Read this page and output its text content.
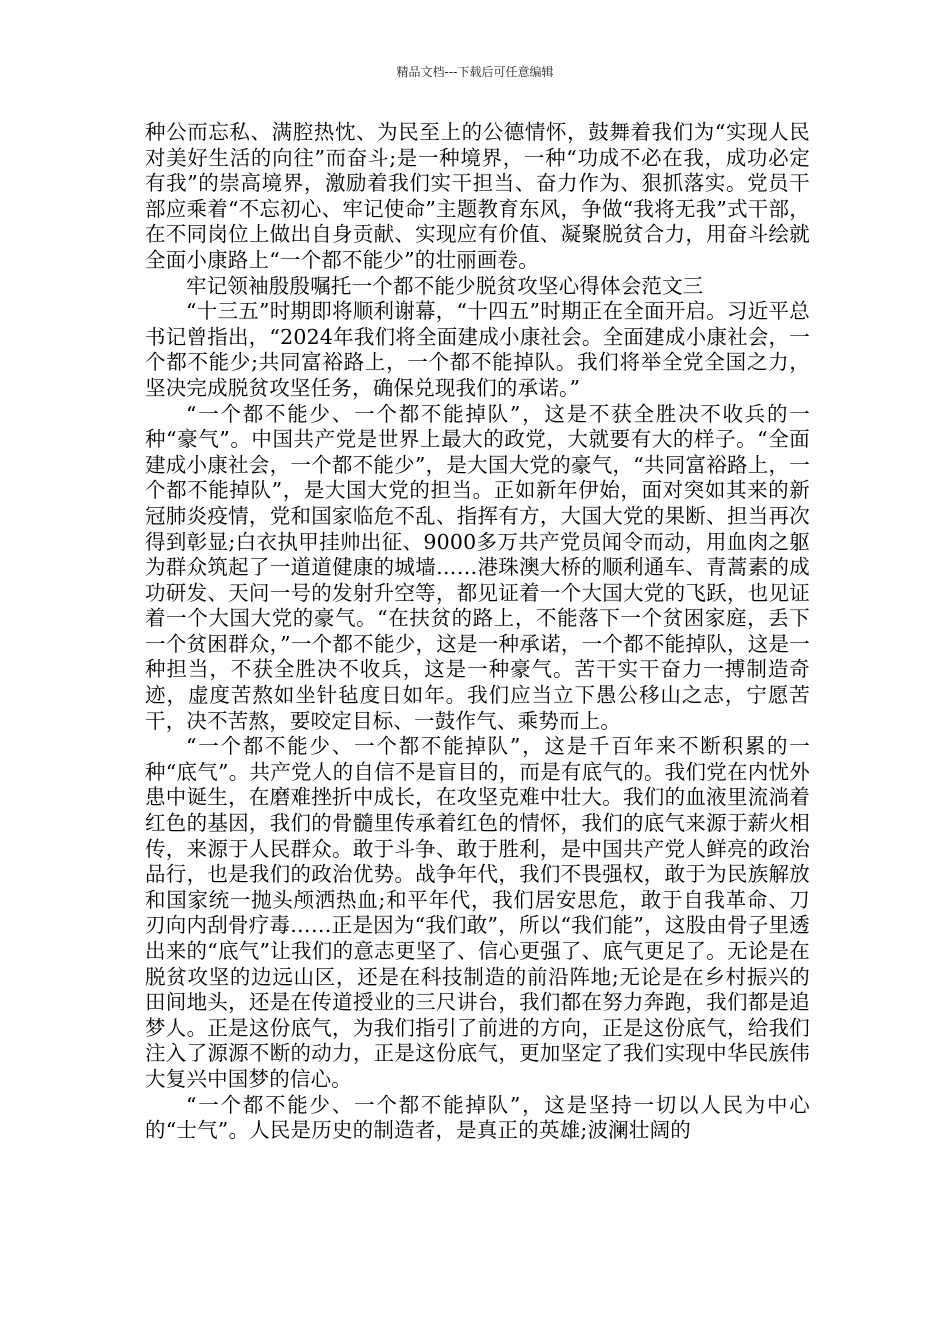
精品文档---下载后可任意编辑

种公而忘私、满腔热忱、为民至上的公德情怀，鼓舞着我们为“实现人民对美好生活的向往”而奋斗;是一种境界，一种“功成不必在我，成功必定有我”的崇高境界，激励着我们实干担当、奋力作为、狠抓落实。党员干部应乘着“不忘初心、牢记使命”主题教育东风，争做“我将无我”式干部，在不同岗位上做出自身贡献、实现应有价值、凝聚脱贫合力，用奋斗绘就全面小康路上“一个都不能少”的壮丽画卷。

牢记领袖殷殷嘱托一个都不能少脱贫攻坚心得体会范文三

“十三五”时期即将顺利谢幕，“十四五”时期正在全面开启。习近平总书记曾指出，“2024年我们将全面建成小康社会。全面建成小康社会，一个都不能少;共同富裕路上，一个都不能掉队。我们将举全党全国之力，坚决完成脱贫攻坚任务，确保兑现我们的承诺。”

“一个都不能少、一个都不能掉队”，这是不获全胜决不收兵的一种“豪气”。中国共产党是世界上最大的政党，大就要有大的样子。“全面建成小康社会，一个都不能少”，是大国大党的豪气，“共同富裕路上，一个都不能掉队”，是大国大党的担当。正如新年伊始，面对突如其来的新冠肺炎疫情，党和国家临危不乱、指挥有方，大国大党的果断、担当再次得到彰显;白衣执甲挂帅出征、9000多万共产党员闻令而动，用血肉之躯为群众筑起了一道道健康的城墙……港珠澳大桥的顺利通车、青蒿素的成功研发、天问一号的发射升空等，都见证着一个大国大党的飞跃，也见证着一个大国大党的豪气。“在扶贫的路上，不能落下一个贫困家庭，丢下一个贫困群众，”一个都不能少，这是一种承诺，一个都不能掉队，这是一种担当，不获全胜决不收兵，这是一种豪气。苦干实干奋力一搏制造奇迹，虚度苦熬如坐针毡度日如年。我们应当立下愚公移山之志，宁愿苦干，决不苦熬，要咬定目标、一鼓作气、乘势而上。

“一个都不能少、一个都不能掉队”，这是千百年来不断积累的一种“底气”。共产党人的自信不是盲目的，而是有底气的。我们党在内忧外患中诞生，在磨难挫折中成长，在攻坚克难中壮大。我们的血液里流淌着红色的基因，我们的骨髓里传承着红色的情怀，我们的底气来源于薪火相传，来源于人民群众。敢于斗争、敢于胜利，是中国共产党人鲜亮的政治品行，也是我们的政治优势。战争年代，我们不畏强权，敢于为民族解放和国家统一抛头颅洒热血;和平年代，我们居安思危，敢于自我革命、刀刃向内刮骨疗毒……正是因为“我们敢”，所以“我们能”，这股由骨子里透出来的“底气”让我们的意志更坚了、信心更强了、底气更足了。无论是在脱贫攻坚的边远山区，还是在科技制造的前沿阵地;无论是在乡村振兴的田间地头，还是在传道授业的三尺讲台，我们都在努力奔跑，我们都是追梦人。正是这份底气，为我们指引了前进的方向，正是这份底气，给我们注入了源源不断的动力，正是这份底气，更加坚定了我们实现中华民族伟大复兴中国梦的信心。

“一个都不能少、一个都不能掉队”，这是坚持一切以人民为中心的“士气”。人民是历史的制造者，是真正的英雄;波澜壮阔的
